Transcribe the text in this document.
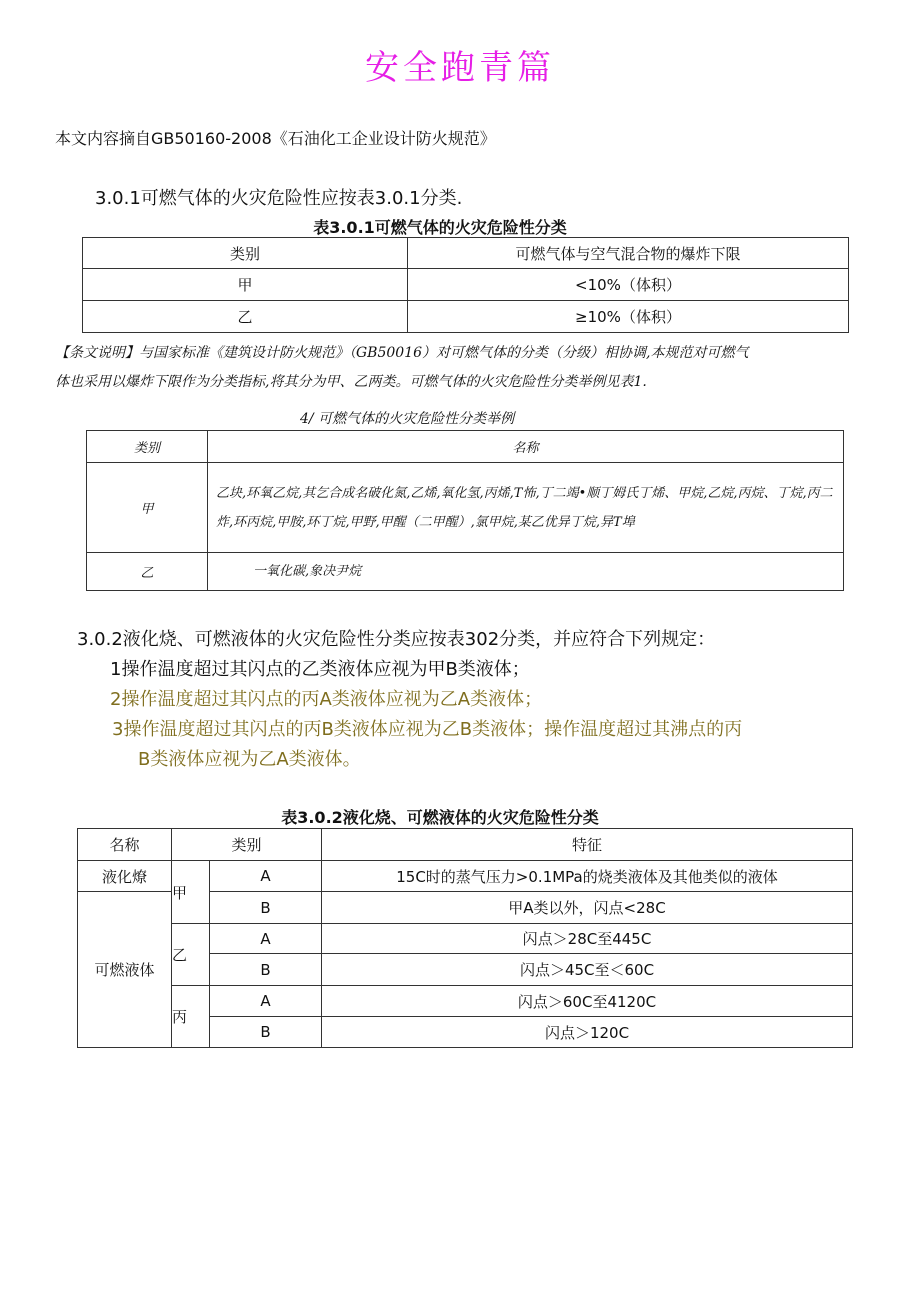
安全跑青篇
本文内容摘自GB50160-2008《石油化工企业设计防火规范》
3.0.1可燃气体的火灾危险性应按表3.0.1分类.
表3.0.1可燃气体的火灾危险性分类
类别	可燃气体与空气混合物的爆炸下限
甲	<10%（体积）
乙	≥10%（体积）
【条文说明】与国家标准《建筑设计防火规范》（GB50016）对可燃气体的分类（分级）相协调,本规范对可燃气
体也采用以爆炸下限作为分类指标,将其分为甲、乙两类。可燃气体的火灾危险性分类举例见表1.
4/ 可燃气体的火灾危险性分类举例
类别	名称
甲	乙块,环氧乙烷,其乞合成名破化氮,乙烯,氧化氢,丙烯,T怖,丁二竭•顺丁姆氏丁烯、甲烷,乙烷,丙烷、丁烷,丙二炸,环丙烷,甲胺,环丁烷,甲野,甲醒（二甲醒）,氯甲烷,某乙优异丁烷,异T埠
乙	一氧化碳,象决尹烷
3.0.2液化烧、可燃液体的火灾危险性分类应按表302分类，并应符合下列规定：
1操作温度超过其闪点的乙类液体应视为甲B类液体；
2操作温度超过其闪点的丙A类液体应视为乙A类液体；
3操作温度超过其闪点的丙B类液体应视为乙B类液体；操作温度超过其沸点的丙
B类液体应视为乙A类液体。
表3.0.2液化烧、可燃液体的火灾危险性分类
名称	类别		特征
液化燎	甲	A	15C时的蒸气压力>0.1MPa的烧类液体及其他类似的液体
可燃液体		B	甲A类以外，闪点<28C
	乙	A	闪点＞28C至445C
		B	闪点＞45C至＜60C
	丙	A	闪点＞60C至4120C
		B	闪点＞120C
